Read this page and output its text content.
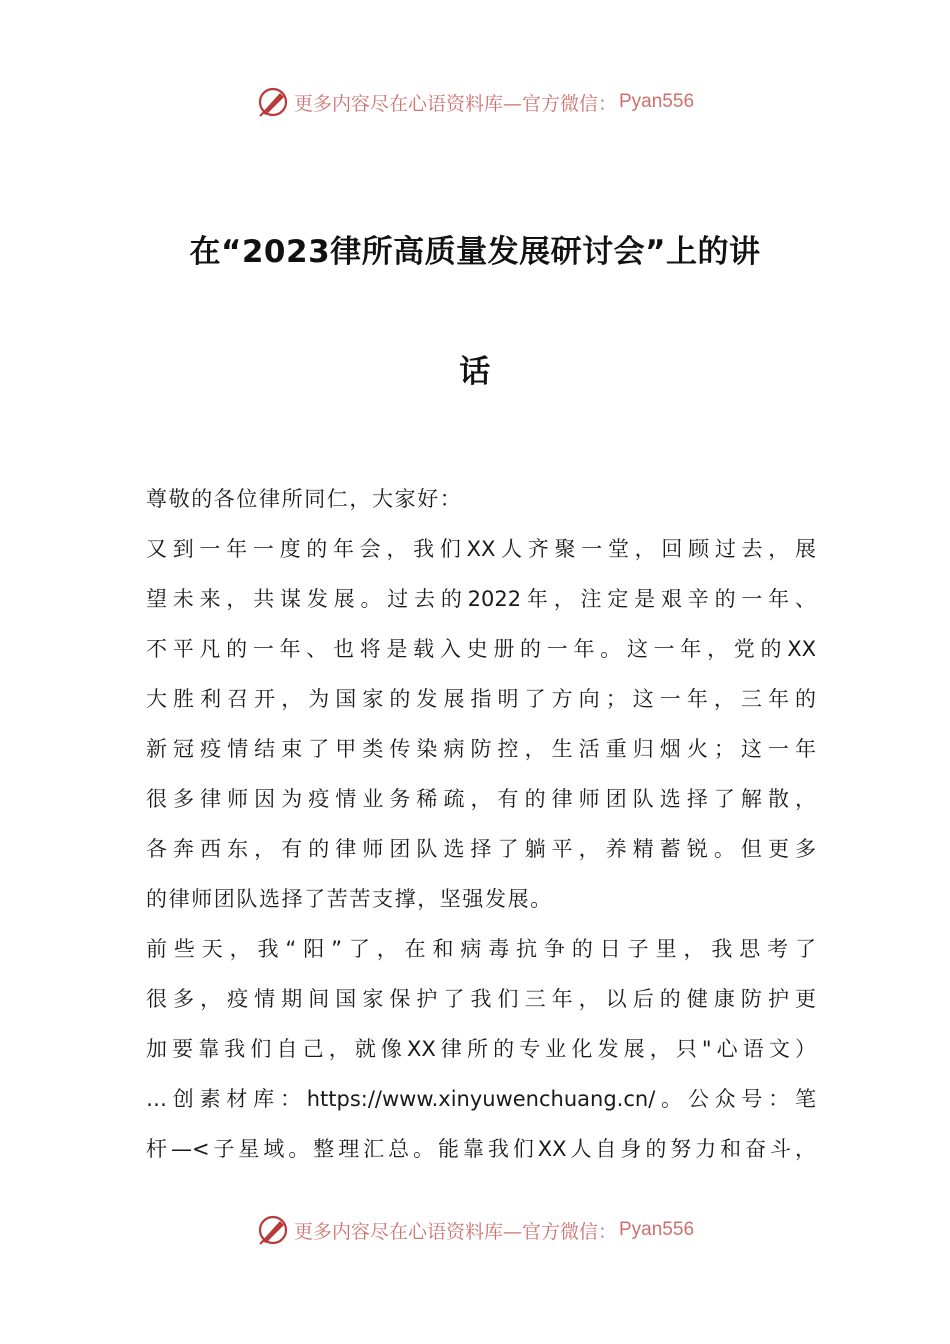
更多内容尽在心语资料库—官方微信： Pyan556
在“2023律所高质量发展研讨会”上的讲
话
尊敬的各位律所同仁，大家好：
又到一年一度的年会，我们XX人齐聚一堂，回顾过去，展
望未来，共谋发展。过去的2022年，注定是艰辛的一年、
不平凡的一年、也将是载入史册的一年。这一年，党的XX
大胜利召开，为国家的发展指明了方向；这一年，三年的
新冠疫情结束了甲类传染病防控，生活重归烟火；这一年
很多律师因为疫情业务稀疏，有的律师团队选择了解散，
各奔西东，有的律师团队选择了躺平，养精蓄锐。但更多
的律师团队选择了苦苦支撑，坚强发展。
前些天，我“阳”了，在和病毒抗争的日子里，我思考了
很多，疫情期间国家保护了我们三年，以后的健康防护更
加要靠我们自己，就像XX律所的专业化发展，只"心语文）
…创素材库：https://www.xinyuwenchuang.cn/。公众号：笔
杆—<子星域。整理汇总。能靠我们XX人自身的努力和奋斗，
更多内容尽在心语资料库—官方微信： Pyan556
